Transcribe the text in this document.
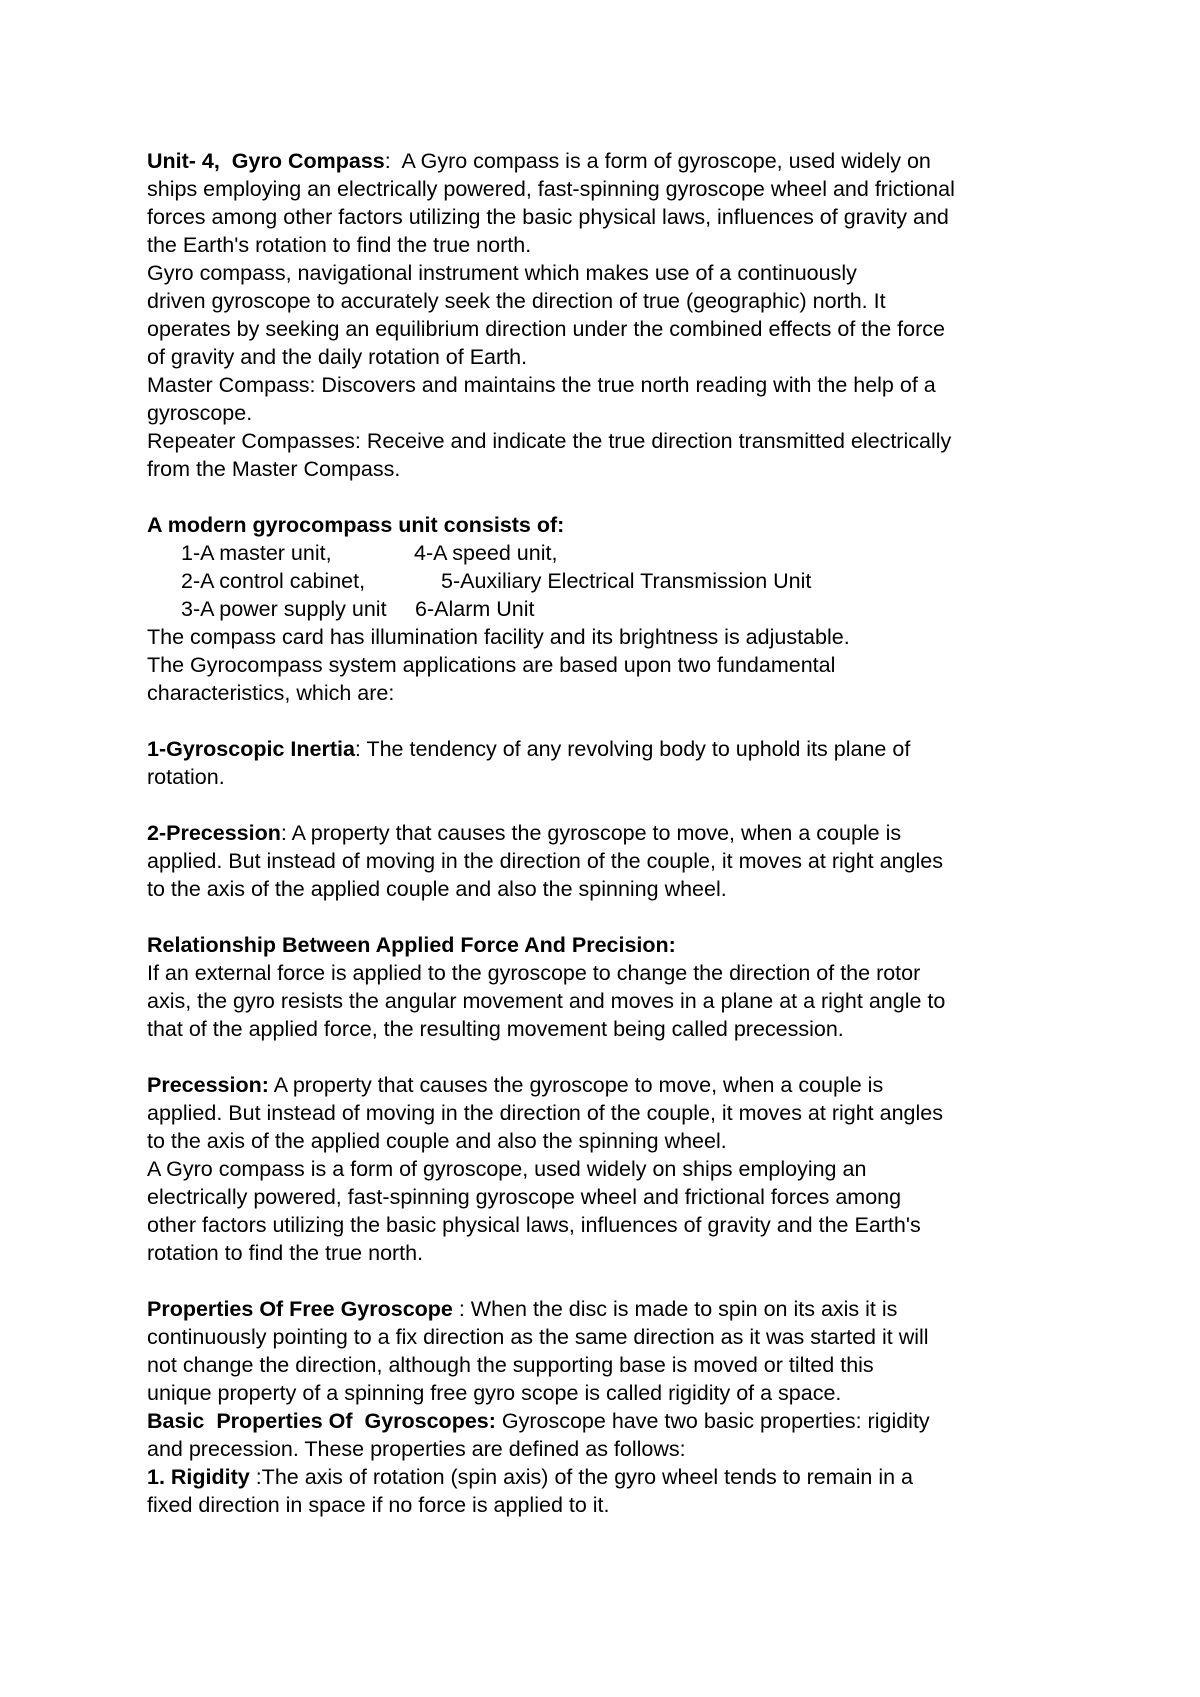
Unit- 4,  Gyro Compass:  A Gyro compass is a form of gyroscope, used widely on
ships employing an electrically powered, fast-spinning gyroscope wheel and frictional
forces among other factors utilizing the basic physical laws, influences of gravity and
the Earth's rotation to find the true north.
Gyro compass, navigational instrument which makes use of a continuously
driven gyroscope to accurately seek the direction of true (geographic) north. It
operates by seeking an equilibrium direction under the combined effects of the force
of gravity and the daily rotation of Earth.
Master Compass: Discovers and maintains the true north reading with the help of a
gyroscope.
Repeater Compasses: Receive and indicate the true direction transmitted electrically
from the Master Compass.
A modern gyrocompass unit consists of:
1-A master unit,	4-A speed unit,
2-A control cabinet,	5-Auxiliary Electrical Transmission Unit
3-A power supply unit 6-Alarm Unit
The compass card has illumination facility and its brightness is adjustable.
The Gyrocompass system applications are based upon two fundamental
characteristics, which are:
1-Gyroscopic Inertia: The tendency of any revolving body to uphold its plane of
rotation.
2-Precession: A property that causes the gyroscope to move, when a couple is
applied. But instead of moving in the direction of the couple, it moves at right angles
to the axis of the applied couple and also the spinning wheel.
Relationship Between Applied Force And Precision:
If an external force is applied to the gyroscope to change the direction of the rotor
axis, the gyro resists the angular movement and moves in a plane at a right angle to
that of the applied force, the resulting movement being called precession.
Precession: A property that causes the gyroscope to move, when a couple is
applied. But instead of moving in the direction of the couple, it moves at right angles
to the axis of the applied couple and also the spinning wheel.
A Gyro compass is a form of gyroscope, used widely on ships employing an
electrically powered, fast-spinning gyroscope wheel and frictional forces among
other factors utilizing the basic physical laws, influences of gravity and the Earth's
rotation to find the true north.
Properties Of Free Gyroscope : When the disc is made to spin on its axis it is
continuously pointing to a fix direction as the same direction as it was started it will
not change the direction, although the supporting base is moved or tilted this
unique property of a spinning free gyro scope is called rigidity of a space.
Basic  Properties Of  Gyroscopes: Gyroscope have two basic properties: rigidity
and precession. These properties are defined as follows:
1. Rigidity :The axis of rotation (spin axis) of the gyro wheel tends to remain in a
fixed direction in space if no force is applied to it.
